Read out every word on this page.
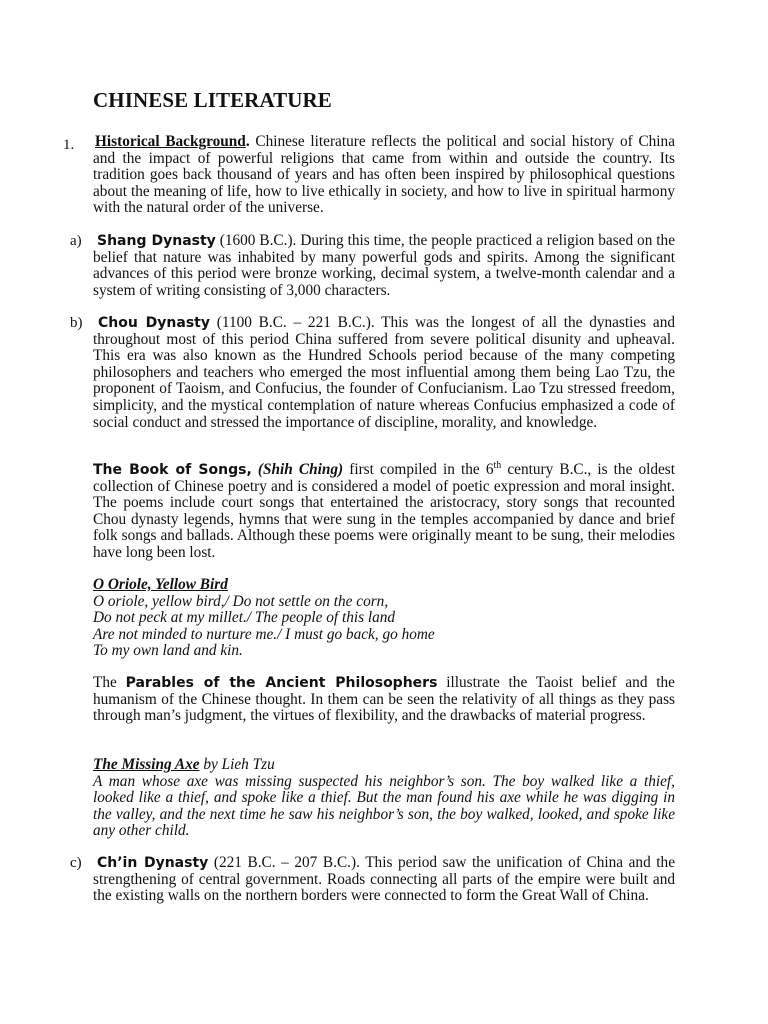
CHINESE LITERATURE
1. Historical Background. Chinese literature reflects the political and social history of China and the impact of powerful religions that came from within and outside the country. Its tradition goes back thousand of years and has often been inspired by philosophical questions about the meaning of life, how to live ethically in society, and how to live in spiritual harmony with the natural order of the universe.

a) Shang Dynasty (1600 B.C.). During this time, the people practiced a religion based on the belief that nature was inhabited by many powerful gods and spirits. Among the significant advances of this period were bronze working, decimal system, a twelve-month calendar and a system of writing consisting of 3,000 characters.

b)	Chou Dynasty (1100 B.C. – 221 B.C.). This was the longest of all the dynasties and throughout most of this period China suffered from severe political disunity and upheaval. This era was also known as the Hundred Schools period because of the many competing philosophers and teachers who emerged the most influential among them being Lao Tzu, the proponent of Taoism, and Confucius, the founder of Confucianism. Lao Tzu stressed freedom, simplicity, and the mystical contemplation of nature whereas Confucius emphasized a code of social conduct and stressed the importance of discipline, morality, and knowledge.

The Book of Songs, (Shih Ching) first compiled in the 6th century B.C., is the oldest collection of Chinese poetry and is considered a model of poetic expression and moral insight. The poems include court songs that entertained the aristocracy, story songs that recounted Chou dynasty legends, hymns that were sung in the temples accompanied by dance and brief folk songs and ballads. Although these poems were originally meant to be sung, their melodies have long been lost.

O Oriole, Yellow Bird
O oriole, yellow bird,/ Do not settle on the corn,
Do not peck at my millet./ The people of this land
Are not minded to nurture me./ I must go back, go home
To my own land and kin.

The Parables of the Ancient Philosophers illustrate the Taoist belief and the humanism of the Chinese thought. In them can be seen the relativity of all things as they pass through man’s judgment, the virtues of flexibility, and the drawbacks of material progress.

The Missing Axe by Lieh Tzu
A man whose axe was missing suspected his neighbor’s son. The boy walked like a thief, looked like a thief, and spoke like a thief. But the man found his axe while he was digging in the valley, and the next time he saw his neighbor’s son, the boy walked, looked, and spoke like any other child.
c) Ch’in Dynasty (221 B.C. – 207 B.C.). This period saw the unification of China and the strengthening of central government. Roads connecting all parts of the empire were built and the existing walls on the northern borders were connected to form the Great Wall of China.
